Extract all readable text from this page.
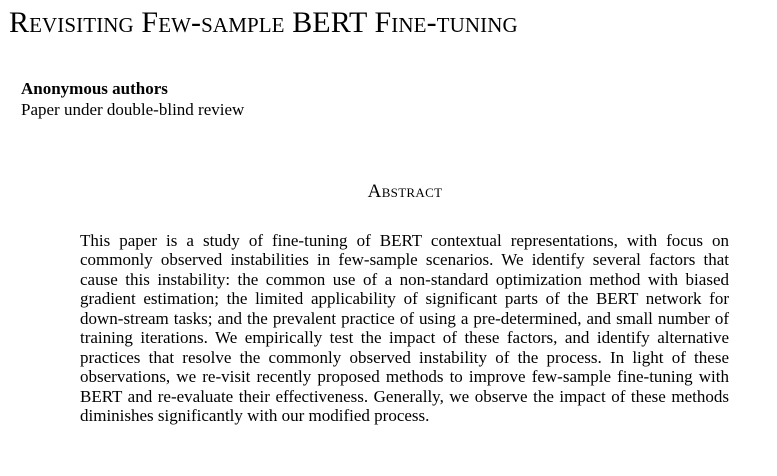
Revisiting Few-sample BERT Fine-tuning
Anonymous authors
Paper under double-blind review
Abstract

This paper is a study of fine-tuning of BERT contextual representations, with focus on commonly observed instabilities in few-sample scenarios. We identify several factors that cause this instability: the common use of a non-standard optimization method with biased gradient estimation; the limited applicability of significant parts of the BERT network for down-stream tasks; and the prevalent practice of using a pre-determined, and small number of training iterations. We empirically test the impact of these factors, and identify alternative practices that resolve the commonly observed instability of the process. In light of these observations, we re-visit recently proposed methods to improve few-sample fine-tuning with BERT and re-evaluate their effectiveness. Generally, we observe the impact of these methods diminishes significantly with our modified process.
